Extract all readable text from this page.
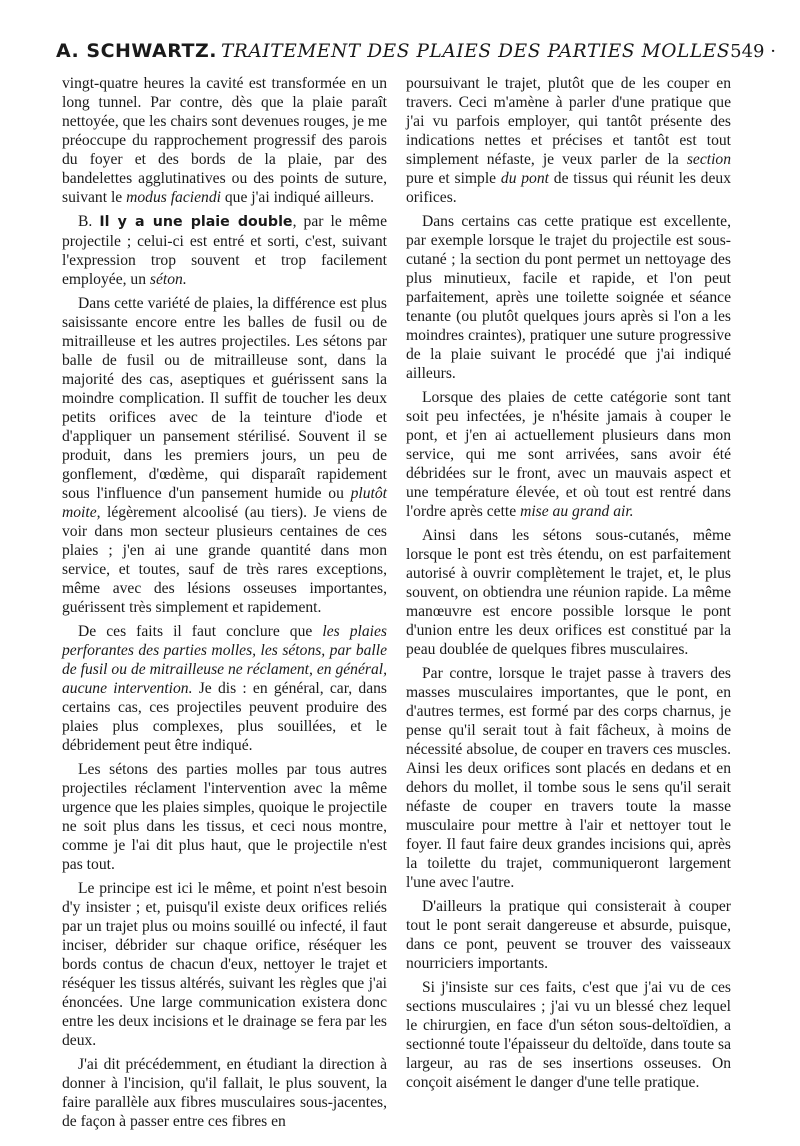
A. SCHWARTZ. TRAITEMENT DES PLAIES DES PARTIES MOLLES 549 ·

vingt-quatre heures la cavité est transformée en un long tunnel. Par contre, dès que la plaie paraît nettoyée, que les chairs sont devenues rouges, je me préoccupe du rapprochement progressif des parois du foyer et des bords de la plaie, par des bandelettes agglutinatives ou des points de suture, suivant le modus faciendi que j'ai indiqué ailleurs.

B. Il y a une plaie double, par le même projectile ; celui-ci est entré et sorti, c'est, suivant l'expression trop souvent et trop facilement employée, un séton.

Dans cette variété de plaies, la différence est plus saisissante encore entre les balles de fusil ou de mitrailleuse et les autres projectiles. Les sétons par balle de fusil ou de mitrailleuse sont, dans la majorité des cas, aseptiques et guérissent sans la moindre complication. Il suffit de toucher les deux petits orifices avec de la teinture d'iode et d'appliquer un pansement stérilisé. Souvent il se produit, dans les premiers jours, un peu de gonflement, d'œdème, qui disparaît rapidement sous l'influence d'un pansement humide ou plutôt moite, légèrement alcoolisé (au tiers). Je viens de voir dans mon secteur plusieurs centaines de ces plaies ; j'en ai une grande quantité dans mon service, et toutes, sauf de très rares exceptions, même avec des lésions osseuses importantes, guérissent très simplement et rapidement.

De ces faits il faut conclure que les plaies perforantes des parties molles, les sétons, par balle de fusil ou de mitrailleuse ne réclament, en général, aucune intervention. Je dis : en général, car, dans certains cas, ces projectiles peuvent produire des plaies plus complexes, plus souillées, et le débridement peut être indiqué.

Les sétons des parties molles par tous autres projectiles réclament l'intervention avec la même urgence que les plaies simples, quoique le projectile ne soit plus dans les tissus, et ceci nous montre, comme je l'ai dit plus haut, que le projectile n'est pas tout.

Le principe est ici le même, et point n'est besoin d'y insister ; et, puisqu'il existe deux orifices reliés par un trajet plus ou moins souillé ou infecté, il faut inciser, débrider sur chaque orifice, réséquer les bords contus de chacun d'eux, nettoyer le trajet et réséquer les tissus altérés, suivant les règles que j'ai énoncées. Une large communication existera donc entre les deux incisions et le drainage se fera par les deux.

J'ai dit précédemment, en étudiant la direction à donner à l'incision, qu'il fallait, le plus souvent, la faire parallèle aux fibres musculaires sous-jacentes, de façon à passer entre ces fibres en

poursuivant le trajet, plutôt que de les couper en travers. Ceci m'amène à parler d'une pratique que j'ai vu parfois employer, qui tantôt présente des indications nettes et précises et tantôt est tout simplement néfaste, je veux parler de la section pure et simple du pont de tissus qui réunit les deux orifices.

Dans certains cas cette pratique est excellente, par exemple lorsque le trajet du projectile est sous-cutané ; la section du pont permet un nettoyage des plus minutieux, facile et rapide, et l'on peut parfaitement, après une toilette soignée et séance tenante (ou plutôt quelques jours après si l'on a les moindres craintes), pratiquer une suture progressive de la plaie suivant le procédé que j'ai indiqué ailleurs.

Lorsque des plaies de cette catégorie sont tant soit peu infectées, je n'hésite jamais à couper le pont, et j'en ai actuellement plusieurs dans mon service, qui me sont arrivées, sans avoir été débridées sur le front, avec un mauvais aspect et une température élevée, et où tout est rentré dans l'ordre après cette mise au grand air.

Ainsi dans les sétons sous-cutanés, même lorsque le pont est très étendu, on est parfaitement autorisé à ouvrir complètement le trajet, et, le plus souvent, on obtiendra une réunion rapide. La même manœuvre est encore possible lorsque le pont d'union entre les deux orifices est constitué par la peau doublée de quelques fibres musculaires.

Par contre, lorsque le trajet passe à travers des masses musculaires importantes, que le pont, en d'autres termes, est formé par des corps charnus, je pense qu'il serait tout à fait fâcheux, à moins de nécessité absolue, de couper en travers ces muscles. Ainsi les deux orifices sont placés en dedans et en dehors du mollet, il tombe sous le sens qu'il serait néfaste de couper en travers toute la masse musculaire pour mettre à l'air et nettoyer tout le foyer. Il faut faire deux grandes incisions qui, après la toilette du trajet, communiqueront largement l'une avec l'autre.

D'ailleurs la pratique qui consisterait à couper tout le pont serait dangereuse et absurde, puisque, dans ce pont, peuvent se trouver des vaisseaux nourriciers importants.

Si j'insiste sur ces faits, c'est que j'ai vu de ces sections musculaires ; j'ai vu un blessé chez lequel le chirurgien, en face d'un séton sous-deltoïdien, a sectionné toute l'épaisseur du deltoïde, dans toute sa largeur, au ras de ses insertions osseuses. On conçoit aisément le danger d'une telle pratique.
